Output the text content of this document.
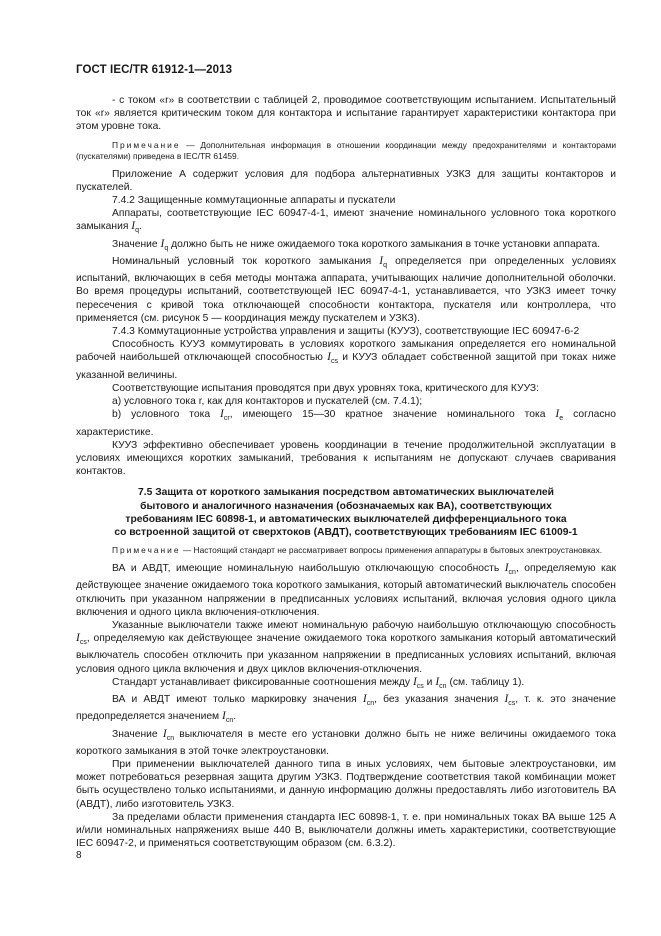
ГОСТ IEC/TR 61912-1—2013

- с током «r» в соответствии с таблицей 2, проводимое соответствующим испытанием. Испытательный ток «r» является критическим током для контактора и испытание гарантирует характеристики контактора при этом уровне тока.

Примечание — Дополнительная информация в отношении координации между предохранителями и контакторами (пускателями) приведена в IEC/TR 61459.

Приложение А содержит условия для подбора альтернативных УЗКЗ для защиты контакторов и пускателей.

7.4.2 Защищенные коммутационные аппараты и пускатели

Аппараты, соответствующие IEC 60947-4-1, имеют значение номинального условного тока короткого замыкания $I_q$.

Значение $I_q$ должно быть не ниже ожидаемого тока короткого замыкания в точке установки аппарата.

Номинальный условный ток короткого замыкания $I_q$ определяется при определенных условиях испытаний, включающих в себя методы монтажа аппарата, учитывающих наличие дополнительной оболочки. Во время процедуры испытаний, соответствующей IEC 60947-4-1, устанавливается, что УЗКЗ имеет точку пересечения с кривой тока отключающей способности контактора, пускателя или контроллера, что применяется (см. рисунок 5 — координация между пускателем и УЗКЗ).

7.4.3 Коммутационные устройства управления и защиты (КУУЗ), соответствующие IEC 60947-6-2

Способность КУУЗ коммутировать в условиях короткого замыкания определяется его номинальной рабочей наибольшей отключающей способностью $I_{cs}$ и КУУЗ обладает собственной защитой при токах ниже указанной величины.

Соответствующие испытания проводятся при двух уровнях тока, критического для КУУЗ:

а) условного тока r, как для контакторов и пускателей (см. 7.4.1);

b) условного тока $I_{cr}$, имеющего 15—30 кратное значение номинального тока $I_e$ согласно характеристике.

КУУЗ эффективно обеспечивает уровень координации в течение продолжительной эксплуатации в условиях имеющихся коротких замыканий, требования к испытаниям не допускают случаев сваривания контактов.

7.5 Защита от короткого замыкания посредством автоматических выключателей
бытового и аналогичного назначения (обозначаемых как ВА), соответствующих
требованиям IEC 60898-1, и автоматических выключателей дифференциального тока
со встроенной защитой от сверхтоков (АВДТ), соответствующих требованиям IEC 61009-1

Примечание — Настоящий стандарт не рассматривает вопросы применения аппаратуры в бытовых электроустановках.

ВА и АВДТ, имеющие номинальную наибольшую отключающую способность $I_{cn}$, определяемую как действующее значение ожидаемого тока короткого замыкания, который автоматический выключатель способен отключить при указанном напряжении в предписанных условиях испытаний, включая условия одного цикла включения и одного цикла включения-отключения.

Указанные выключатели также имеют номинальную рабочую наибольшую отключающую способность $I_{cs}$, определяемую как действующее значение ожидаемого тока короткого замыкания который автоматический выключатель способен отключить при указанном напряжении в предписанных условиях испытаний, включая условия одного цикла включения и двух циклов включения-отключения.

Стандарт устанавливает фиксированные соотношения между $I_{cs}$ и $I_{cn}$ (см. таблицу 1).

ВА и АВДТ имеют только маркировку значения $I_{cn}$, без указания значения $I_{cs}$, т. к. это значение предопределяется значением $I_{cn}$.

Значение $I_{cn}$ выключателя в месте его установки должно быть не ниже величины ожидаемого тока короткого замыкания в этой точке электроустановки.

При применении выключателей данного типа в иных условиях, чем бытовые электроустановки, им может потребоваться резервная защита другим УЗКЗ. Подтверждение соответствия такой комбинации может быть осуществлено только испытаниями, и данную информацию должны предоставлять либо изготовитель ВА (АВДТ), либо изготовитель УЗКЗ.

За пределами области применения стандарта IEC 60898-1, т. е. при номинальных токах ВА выше 125 А и/или номинальных напряжениях выше 440 В, выключатели должны иметь характеристики, соответствующие IEC 60947-2, и применяться соответствующим образом (см. 6.3.2).

8
